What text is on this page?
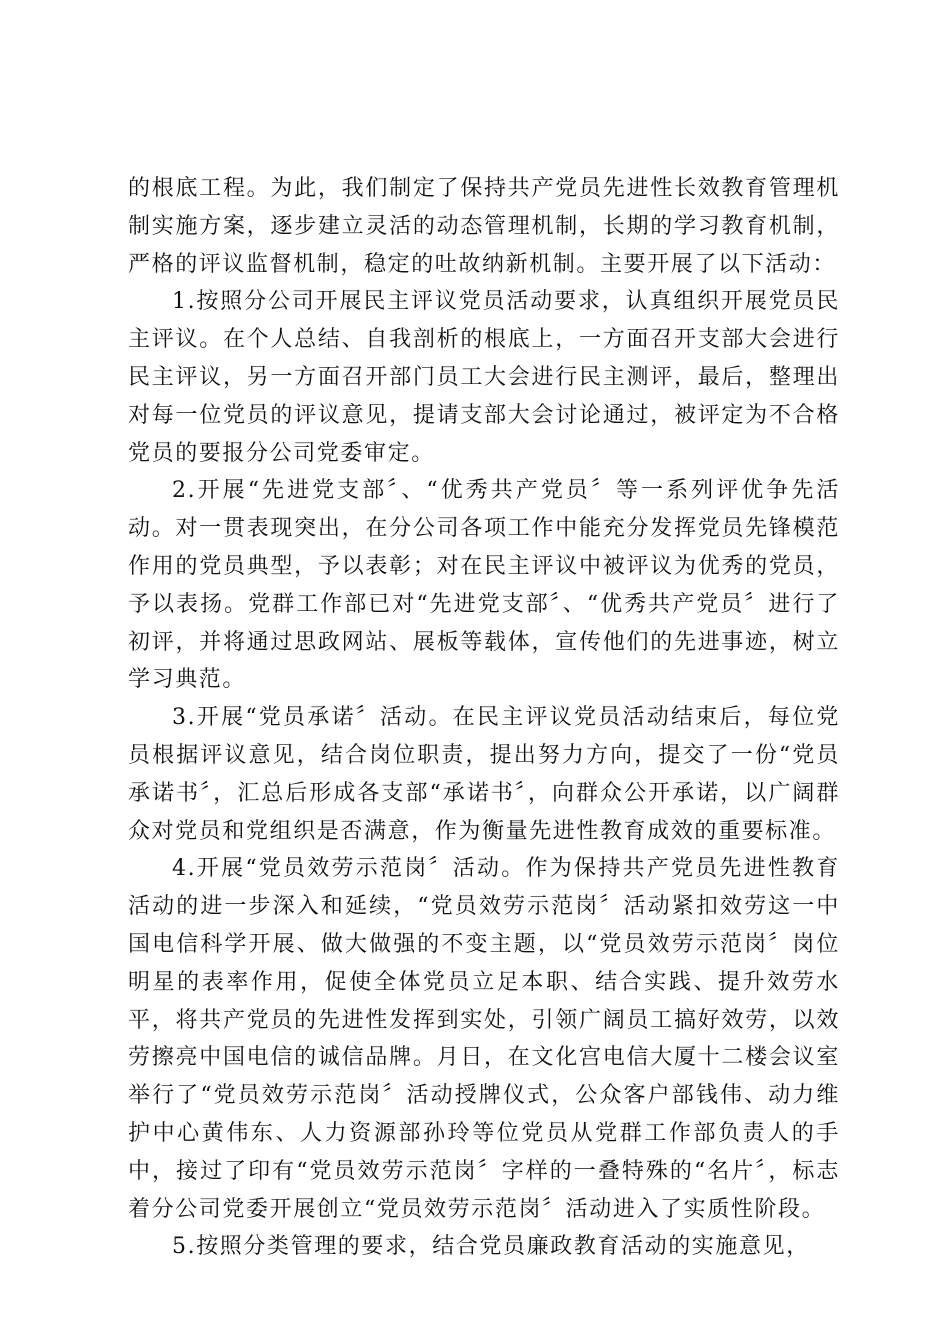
的根底工程。为此，我们制定了保持共产党员先进性长效教育管理机制实施方案，逐步建立灵活的动态管理机制，长期的学习教育机制，严格的评议监督机制，稳定的吐故纳新机制。主要开展了以下活动：

1.按照分公司开展民主评议党员活动要求，认真组织开展党员民主评议。在个人总结、自我剖析的根底上，一方面召开支部大会进行民主评议，另一方面召开部门员工大会进行民主测评，最后，整理出对每一位党员的评议意见，提请支部大会讨论通过，被评定为不合格党员的要报分公司党委审定。

2.开展“先进党支部〞、“优秀共产党员〞等一系列评优争先活动。对一贯表现突出，在分公司各项工作中能充分发挥党员先锋模范作用的党员典型，予以表彰；对在民主评议中被评议为优秀的党员，予以表扬。党群工作部已对“先进党支部〞、“优秀共产党员〞进行了初评，并将通过思政网站、展板等载体，宣传他们的先进事迹，树立学习典范。

3.开展“党员承诺〞活动。在民主评议党员活动结束后，每位党员根据评议意见，结合岗位职责，提出努力方向，提交了一份“党员承诺书〞，汇总后形成各支部“承诺书〞，向群众公开承诺，以广阔群众对党员和党组织是否满意，作为衡量先进性教育成效的重要标准。

4.开展“党员效劳示范岗〞活动。作为保持共产党员先进性教育活动的进一步深入和延续，“党员效劳示范岗〞活动紧扣效劳这一中国电信科学开展、做大做强的不变主题，以“党员效劳示范岗〞岗位明星的表率作用，促使全体党员立足本职、结合实践、提升效劳水平，将共产党员的先进性发挥到实处，引领广阔员工搞好效劳，以效劳擦亮中国电信的诚信品牌。月日，在文化宫电信大厦十二楼会议室举行了“党员效劳示范岗〞活动授牌仪式，公众客户部钱伟、动力维护中心黄伟东、人力资源部孙玲等位党员从党群工作部负责人的手中，接过了印有“党员效劳示范岗〞字样的一叠特殊的“名片〞，标志着分公司党委开展创立“党员效劳示范岗〞活动进入了实质性阶段。

5.按照分类管理的要求，结合党员廉政教育活动的实施意见，
